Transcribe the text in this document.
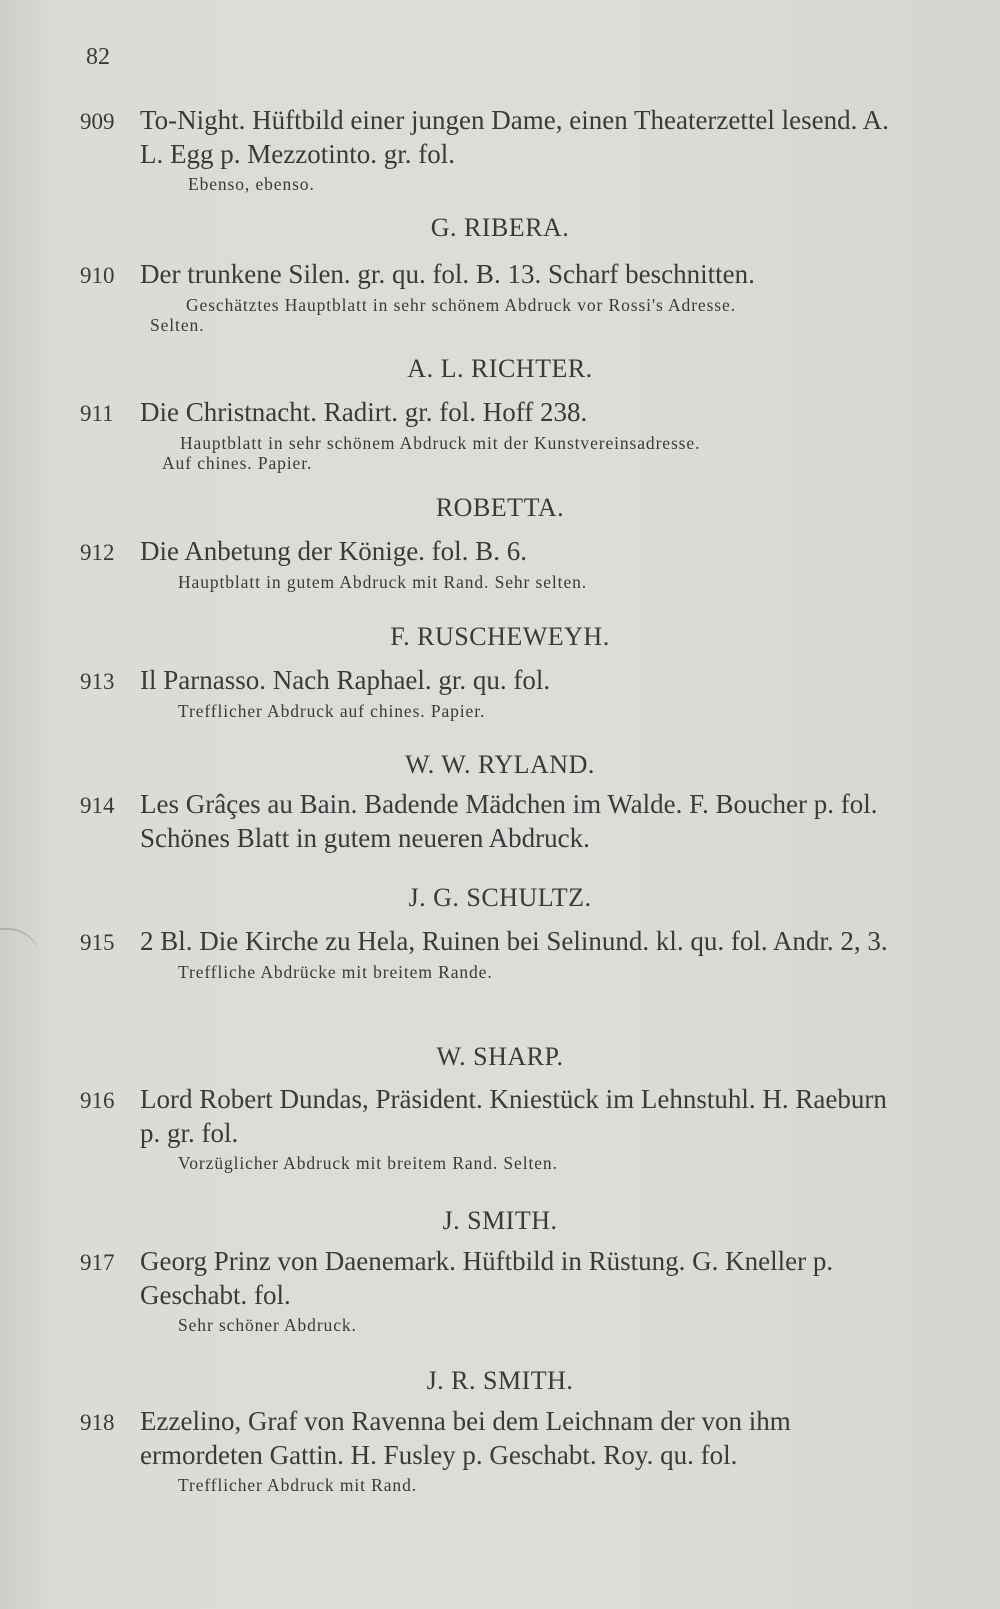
82
909 To-Night. Hüftbild einer jungen Dame, einen Theaterzettel lesend. A. L. Egg p. Mezzotinto. gr. fol.
Ebenso, ebenso.
G. RIBERA.
910 Der trunkene Silen. gr. qu. fol. B. 13. Scharf beschnitten.
Geschätztes Hauptblatt in sehr schönem Abdruck vor Rossi's Adresse.
Selten.
A. L. RICHTER.
911 Die Christnacht. Radirt. gr. fol. Hoff 238.
Hauptblatt in sehr schönem Abdruck mit der Kunstvereinsadresse.
Auf chines. Papier.
ROBETTA.
912 Die Anbetung der Könige. fol. B. 6.
Hauptblatt in gutem Abdruck mit Rand. Sehr selten.
F. RUSCHEWEYH.
913 Il Parnasso. Nach Raphael. gr. qu. fol.
Trefflicher Abdruck auf chines. Papier.
W. W. RYLAND.
914 Les Grâçes au Bain. Badende Mädchen im Walde. F. Boucher p. fol. Schönes Blatt in gutem neueren Abdruck.
J. G. SCHULTZ.
915 2 Bl. Die Kirche zu Hela, Ruinen bei Selinund. kl. qu. fol. Andr. 2, 3.
Treffliche Abdrücke mit breitem Rande.
W. SHARP.
916 Lord Robert Dundas, Präsident. Kniestück im Lehnstuhl. H. Raeburn p. gr. fol.
Vorzüglicher Abdruck mit breitem Rand. Selten.
J. SMITH.
917 Georg Prinz von Daenemark. Hüftbild in Rüstung. G. Kneller p. Geschabt. fol.
Sehr schöner Abdruck.
J. R. SMITH.
918 Ezzelino, Graf von Ravenna bei dem Leichnam der von ihm ermordeten Gattin. H. Fusley p. Geschabt. Roy. qu. fol.
Trefflicher Abdruck mit Rand.
